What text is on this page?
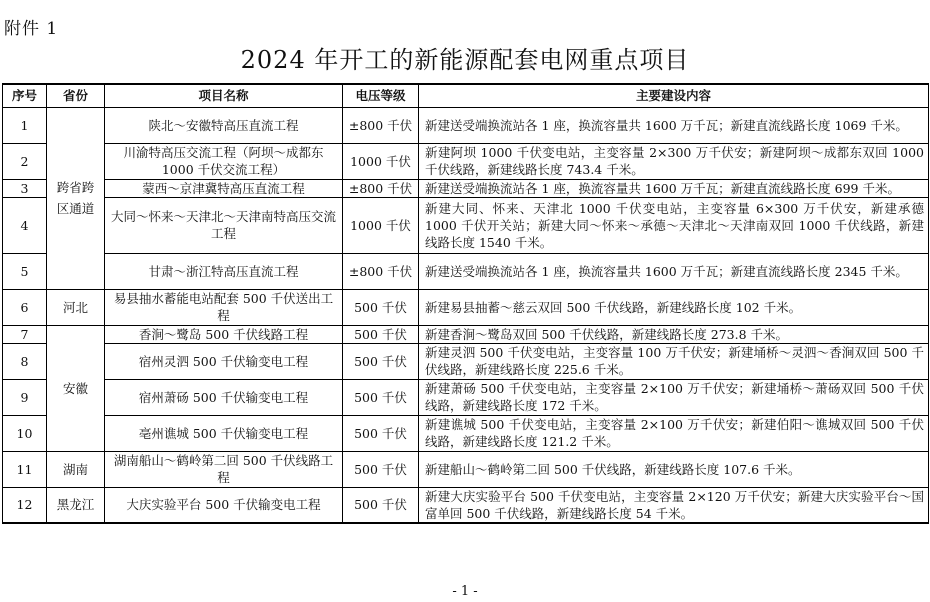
附件 1
2024 年开工的新能源配套电网重点项目
序号	省份	项目名称	电压等级	主要建设内容
1	跨省跨区通道	陕北～安徽特高压直流工程	±800 千伏	新建送受端换流站各 1 座，换流容量共 1600 万千瓦；新建直流线路长度 1069 千米。
2		川渝特高压交流工程（阿坝～成都东1000 千伏交流工程）	1000 千伏	新建阿坝 1000 千伏变电站，主变容量 2×300 万千伏安；新建阿坝～成都东双回 1000 千伏线路，新建线路长度 743.4 千米。
3		蒙西～京津冀特高压直流工程	±800 千伏	新建送受端换流站各 1 座，换流容量共 1600 万千瓦；新建直流线路长度 699 千米。
4		大同～怀来～天津北～天津南特高压交流工程	1000 千伏	新建大同、怀来、天津北 1000 千伏变电站，主变容量 6×300 万千伏安，新建承德 1000 千伏开关站；新建大同～怀来～承德～天津北～天津南双回 1000 千伏线路，新建线路长度 1540 千米。
5		甘肃～浙江特高压直流工程	±800 千伏	新建送受端换流站各 1 座，换流容量共 1600 万千瓦；新建直流线路长度 2345 千米。
6	河北	易县抽水蓄能电站配套 500 千伏送出工程	500 千伏	新建易县抽蓄～慈云双回 500 千伏线路，新建线路长度 102 千米。
7	安徽	香涧～鹭岛 500 千伏线路工程	500 千伏	新建香涧～鹭岛双回 500 千伏线路，新建线路长度 273.8 千米。
8		宿州灵泗 500 千伏输变电工程	500 千伏	新建灵泗 500 千伏变电站，主变容量 100 万千伏安；新建埇桥～灵泗～香涧双回 500 千伏线路，新建线路长度 225.6 千米。
9		宿州萧砀 500 千伏输变电工程	500 千伏	新建萧砀 500 千伏变电站，主变容量 2×100 万千伏安；新建埇桥～萧砀双回 500 千伏线路，新建线路长度 172 千米。
10		亳州谯城 500 千伏输变电工程	500 千伏	新建谯城 500 千伏变电站，主变容量 2×100 万千伏安；新建伯阳～谯城双回 500 千伏线路，新建线路长度 121.2 千米。
11	湖南	湖南船山～鹤岭第二回 500 千伏线路工程	500 千伏	新建船山～鹤岭第二回 500 千伏线路，新建线路长度 107.6 千米。
12	黑龙江	大庆实验平台 500 千伏输变电工程	500 千伏	新建大庆实验平台 500 千伏变电站，主变容量 2×120 万千伏安；新建大庆实验平台～国富单回 500 千伏线路，新建线路长度 54 千米。
- 1 -
